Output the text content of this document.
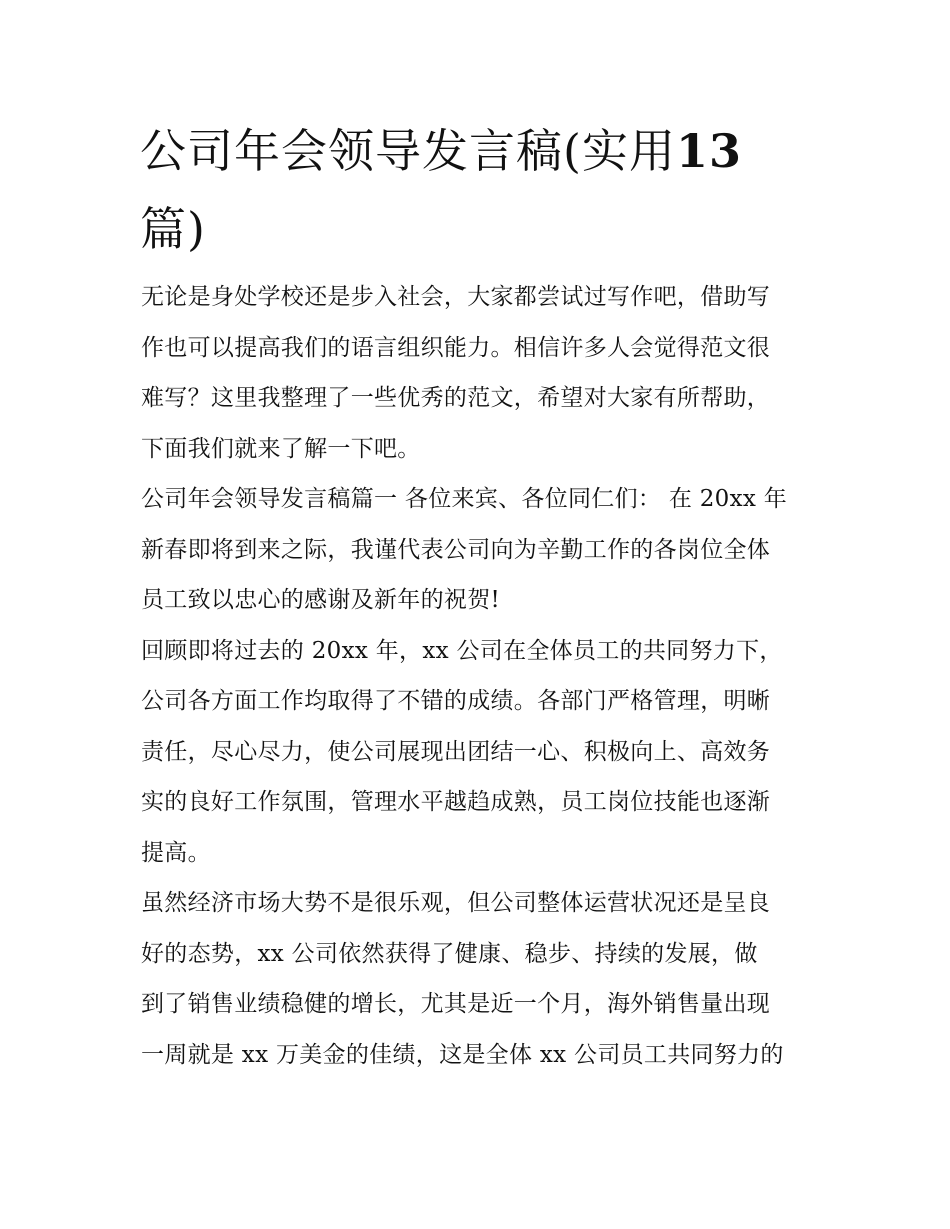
公司年会领导发言稿(实用13
篇)
无论是身处学校还是步入社会，大家都尝试过写作吧，借助写
作也可以提高我们的语言组织能力。相信许多人会觉得范文很
难写？这里我整理了一些优秀的范文，希望对大家有所帮助，
下面我们就来了解一下吧。
公司年会领导发言稿篇一 各位来宾、各位同仁们： 在 20xx 年
新春即将到来之际，我谨代表公司向为辛勤工作的各岗位全体
员工致以忠心的感谢及新年的祝贺!
回顾即将过去的 20xx 年，xx 公司在全体员工的共同努力下，
公司各方面工作均取得了不错的成绩。各部门严格管理，明晰
责任，尽心尽力，使公司展现出团结一心、积极向上、高效务
实的良好工作氛围，管理水平越趋成熟，员工岗位技能也逐渐
提高。
虽然经济市场大势不是很乐观，但公司整体运营状况还是呈良
好的态势，xx 公司依然获得了健康、稳步、持续的发展，做
到了销售业绩稳健的增长，尤其是近一个月，海外销售量出现
一周就是 xx 万美金的佳绩，这是全体 xx 公司员工共同努力的
